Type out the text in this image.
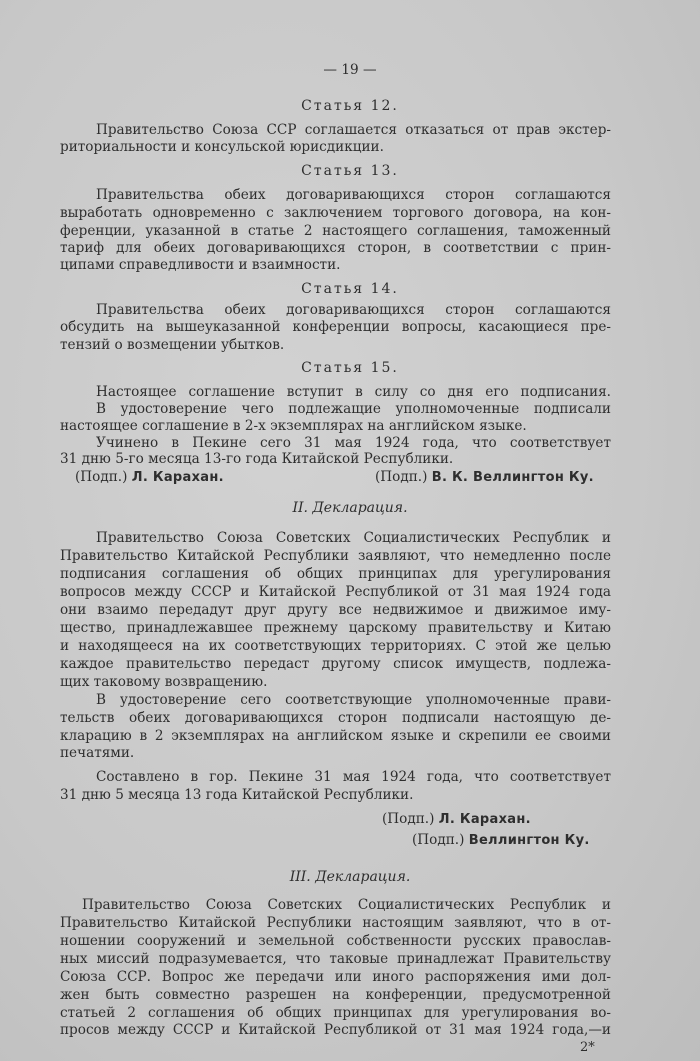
— 19 —
Статья 12.
Правительство Союза ССР соглашается отказаться от прав экстер-
риториальности и консульской юрисдикции.
Статья 13.
Правительства обеих договаривающихся сторон соглашаются
выработать одновременно с заключением торгового договора, на кон-
ференции, указанной в статье 2 настоящего соглашения, таможенный
тариф для обеих договаривающихся сторон, в соответствии с прин-
ципами справедливости и взаимности.
Статья 14.
Правительства обеих договаривающихся сторон соглашаются
обсудить на вышеуказанной конференции вопросы, касающиеся пре-
тензий о возмещении убытков.
Статья 15.
Настоящее соглашение вступит в силу со дня его подписания.
В удостоверение чего подлежащие уполномоченные подписали
настоящее соглашение в 2-х экземплярах на английском языке.
Учинено в Пекине сего 31 мая 1924 года, что соответствует
31 дню 5-го месяца 13-го года Китайской Республики.
(Подп.) Л. Карахан.	(Подп.) В. К. Веллингтон Ку.
II. Декларация.
Правительство Союза Советских Социалистических Республик и
Правительство Китайской Республики заявляют, что немедленно после
подписания соглашения об общих принципах для урегулирования
вопросов между СССР и Китайской Республикой от 31 мая 1924 года
они взаимо передадут друг другу все недвижимое и движимое иму-
щество, принадлежавшее прежнему царскому правительству и Китаю
и находящееся на их соответствующих территориях. С этой же целью
каждое правительство передаст другому список имуществ, подлежа-
щих таковому возвращению.
В удостоверение сего соответствующие уполномоченные прави-
тельств обеих договаривающихся сторон подписали настоящую де-
кларацию в 2 экземплярах на английском языке и скрепили ее своими
печатями.
Составлено в гор. Пекине 31 мая 1924 года, что соответствует
31 дню 5 месяца 13 года Китайской Республики.
(Подп.) Л. Карахан.
(Подп.) Веллингтон Ку.
III. Декларация.
Правительство Союза Советских Социалистических Республик и
Правительство Китайской Республики настоящим заявляют, что в от-
ношении сооружений и земельной собственности русских православ-
ных миссий подразумевается, что таковые принадлежат Правительству
Союза ССР. Вопрос же передачи или иного распоряжения ими дол-
жен быть совместно разрешен на конференции, предусмотренной
статьей 2 соглашения об общих принципах для урегулирования во-
просов между СССР и Китайской Республикой от 31 мая 1924 года,—и
2*
